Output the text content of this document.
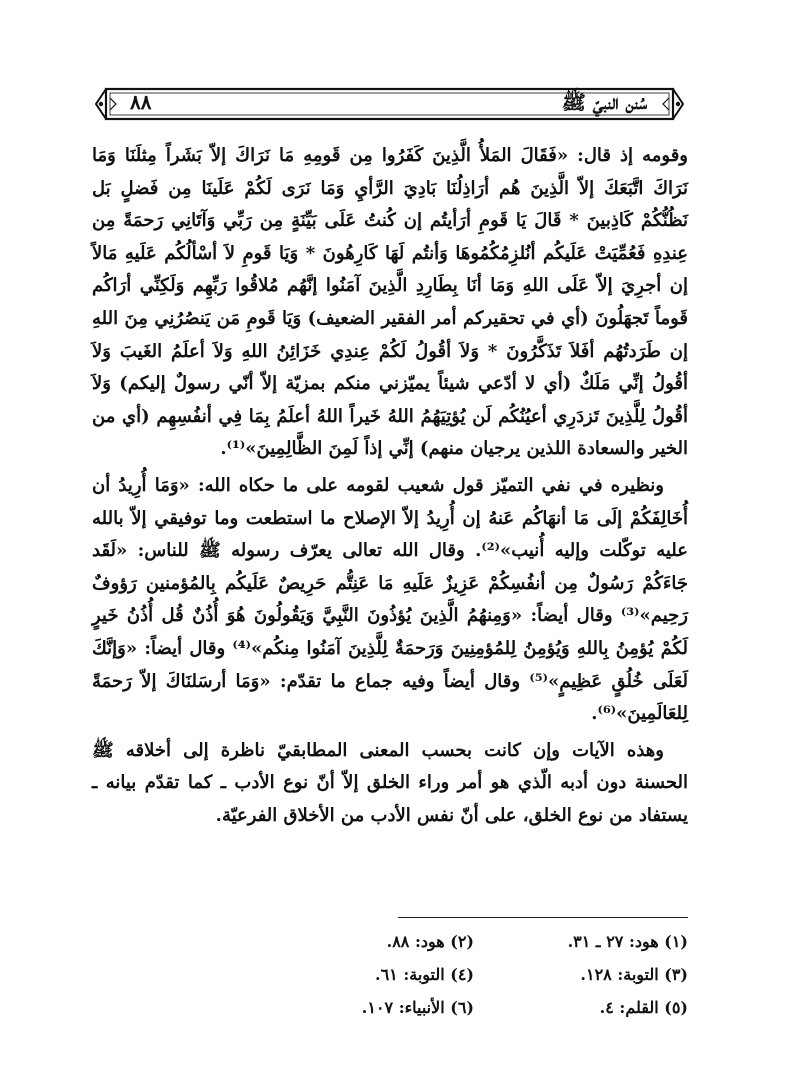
سُنن النبيّ ﷺ
٨٨

وقومه إذ قال: «فَقَالَ المَلأُ الَّذِينَ كَفَرُوا مِن قَومِهِ مَا نَرَاكَ إلاّ بَشَراً مِثلَنَا وَمَا نَرَاكَ اتَّبَعَكَ إلاّ الَّذِينَ هُم أرَاذِلُنَا بَادِيَ الرَّأيِ وَمَا نَرَى لَكُمْ عَلَينَا مِن فَضلٍ بَل نَظُنُّكُمْ كَاذِبينَ * قَالَ يَا قَومِ أرَأيتُم إن كُنتُ عَلَى بَيِّنَةٍ مِن رَبِّي وَآتَانِي رَحمَةً مِن عِندِهِ فَعُمِّيَتْ عَلَيكُم أنُلزِمُكُمُوهَا وَأنتُم لَهَا كَارِهُونَ * وَيَا قَومِ لاَ أسْألُكُم عَلَيهِ مَالاً إن أجرِيَ إلاّ عَلَى اللهِ وَمَا أنَا بِطَارِدِ الَّذِينَ آمَنُوا إنَّهُم مُلاقُوا رَبِّهِم وَلَكِنِّي أرَاكُم قَوماً تَجهَلُونَ (أي في تحقيركم أمر الفقير الضعيف) وَيَا قَومِ مَن يَنصُرُنِي مِنَ اللهِ إن طَرَدتُهُم أفَلاَ تَذَكَّرُونَ * وَلاَ أقُولُ لَكُمْ عِندِي خَزَائِنُ اللهِ وَلاَ أعلَمُ الغَيبَ وَلاَ أقُولُ إنِّي مَلَكٌ (أي لا أدّعي شيئاً يميّزني منكم بمزيّة إلاّ أنّي رسولٌ إليكم) وَلاَ أقُولُ لِلَّذِينَ تَزدَرِي أعيُنُكُم لَن يُؤتِيَهُمُ اللهُ خَيراً اللهُ أعلَمُ بِمَا فِي أنفُسِهِم (أي من الخير والسعادة اللذين يرجيان منهم) إنِّي إذاً لَمِنَ الظَّالِمِينَ»⁽¹⁾.

ونظيره في نفي التميّز قول شعيب لقومه على ما حكاه الله: «وَمَا أُرِيدُ أن أُخَالِفَكُمْ إلَى مَا أنهَاكُم عَنهُ إن أُرِيدُ إلاّ الإصلاح ما استطعت وما توفيقي إلاّ بالله عليه توكّلت وإليه أُنيب»⁽²⁾. وقال الله تعالى يعرّف رسوله ﷺ للناس: «لَقَد جَاءَكُمْ رَسُولٌ مِن أنفُسِكُمْ عَزِيزٌ عَلَيهِ مَا عَنِتُّم حَرِيصٌ عَلَيكُم بِالمُؤمنين رَؤوفٌ رَحِيم»⁽³⁾ وقال أيضاً: «وَمِنهُمُ الَّذِينَ يُؤذُونَ النَّبِيَّ وَيَقُولُونَ هُوَ أُذُنٌ قُل أُذُنُ خَيرٍ لَكُمْ يُؤمِنُ بِاللهِ وَيُؤمِنُ لِلمُؤمِنِينَ وَرَحمَةٌ لِلَّذِينَ آمَنُوا مِنكُم»⁽⁴⁾ وقال أيضاً: «وَإنَّكَ لَعَلَى خُلُقٍ عَظِيمٍ»⁽⁵⁾ وقال أيضاً وفيه جماع ما تقدّم: «وَمَا أرسَلنَاكَ إلاّ رَحمَةً لِلعَالَمِينَ»⁽⁶⁾.

وهذه الآيات وإن كانت بحسب المعنى المطابقيّ ناظرة إلى أخلاقه ﷺ الحسنة دون أدبه الّذي هو أمر وراء الخلق إلاّ أنّ نوع الأدب ـ كما تقدّم بيانه ـ يستفاد من نوع الخلق، على أنّ نفس الأدب من الأخلاق الفرعيّة.

(١) هود: ٢٧ ـ ٣١.
(٢) هود: ٨٨.
(٣) التوبة: ١٢٨.
(٤) التوبة: ٦١.
(٥) القلم: ٤.
(٦) الأنبياء: ١٠٧.
